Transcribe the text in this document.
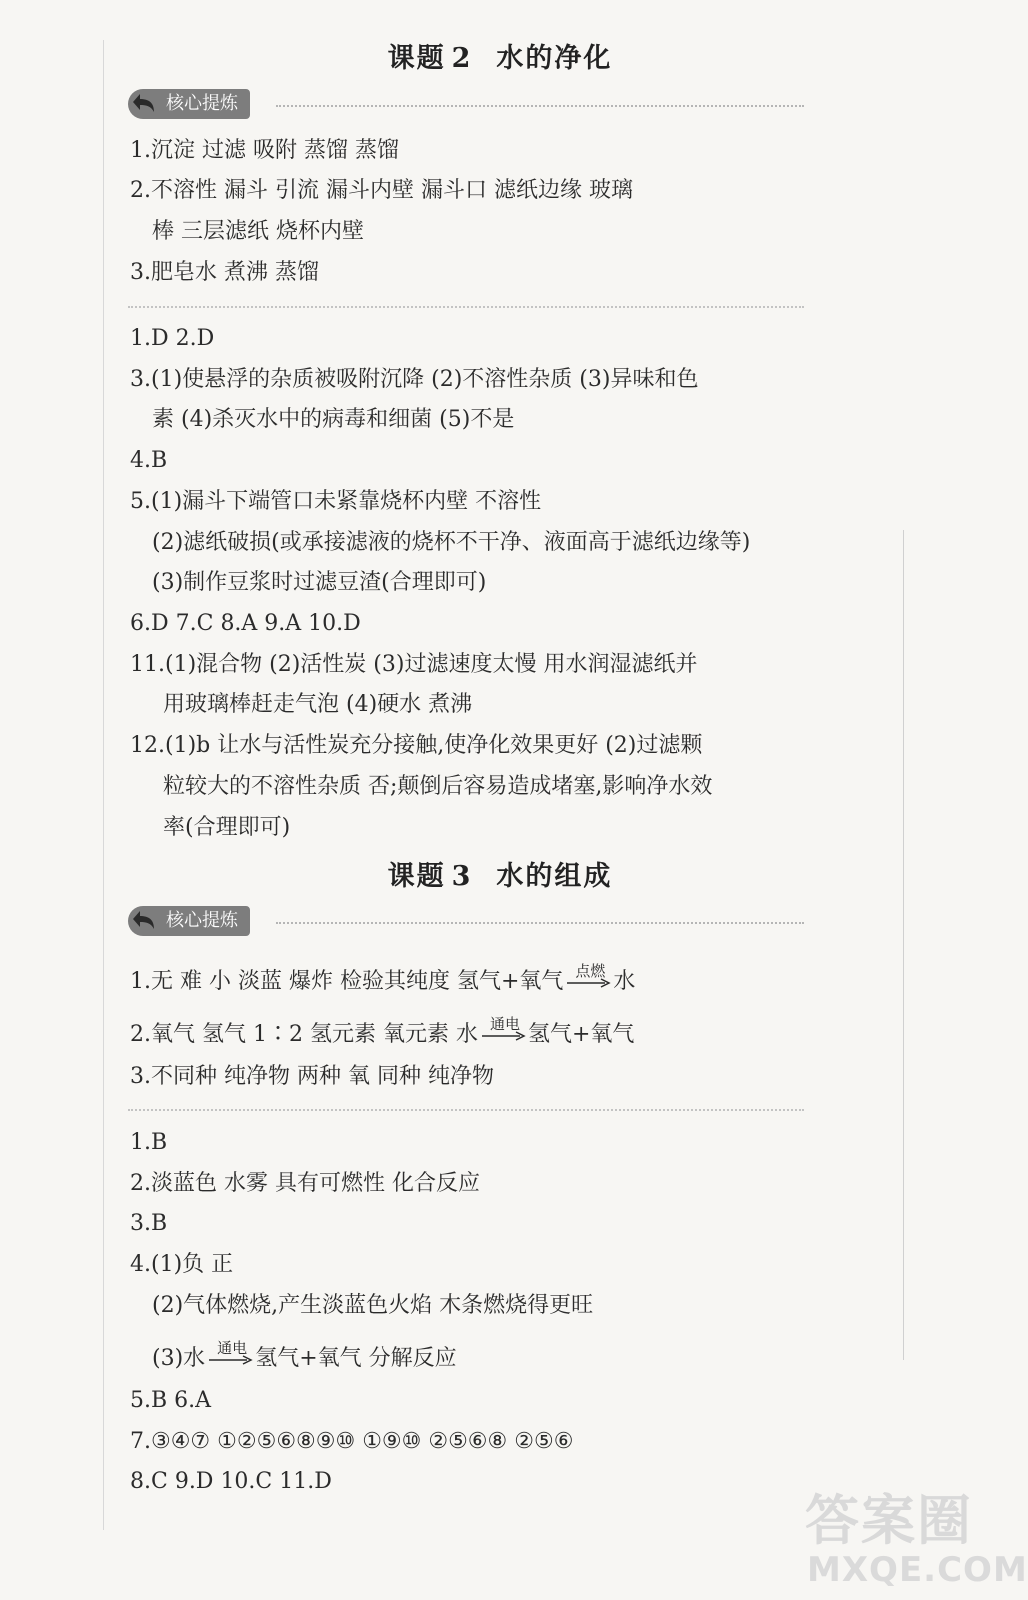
课题 2 水的净化
核心提炼
1.沉淀 过滤 吸附 蒸馏 蒸馏
2.不溶性 漏斗 引流 漏斗内壁 漏斗口 滤纸边缘 玻璃
棒 三层滤纸 烧杯内壁
3.肥皂水 煮沸 蒸馏
1.D 2.D
3.(1)使悬浮的杂质被吸附沉降 (2)不溶性杂质 (3)异味和色
素 (4)杀灭水中的病毒和细菌 (5)不是
4.B
5.(1)漏斗下端管口未紧靠烧杯内壁 不溶性
(2)滤纸破损(或承接滤液的烧杯不干净、液面高于滤纸边缘等)
(3)制作豆浆时过滤豆渣(合理即可)
6.D 7.C 8.A 9.A 10.D
11.(1)混合物 (2)活性炭 (3)过滤速度太慢 用水润湿滤纸并
用玻璃棒赶走气泡 (4)硬水 煮沸
12.(1)b 让水与活性炭充分接触,使净化效果更好 (2)过滤颗
粒较大的不溶性杂质 否;颠倒后容易造成堵塞,影响净水效
率(合理即可)
课题 3 水的组成
核心提炼
1.无 难 小 淡蓝 爆炸 检验其纯度 氢气+氧气 点燃 水
2.氧气 氢气 1∶2 氢元素 氧元素 水 通电 氢气+氧气
3.不同种 纯净物 两种 氧 同种 纯净物
1.B
2.淡蓝色 水雾 具有可燃性 化合反应
3.B
4.(1)负 正
(2)气体燃烧,产生淡蓝色火焰 木条燃烧得更旺
(3)水 通电 氢气+氧气 分解反应
5.B 6.A
7.③④⑦ ①②⑤⑥⑧⑨⑩ ①⑨⑩ ②⑤⑥⑧ ②⑤⑥
8.C 9.D 10.C 11.D
答案圈
MXQE.COM
